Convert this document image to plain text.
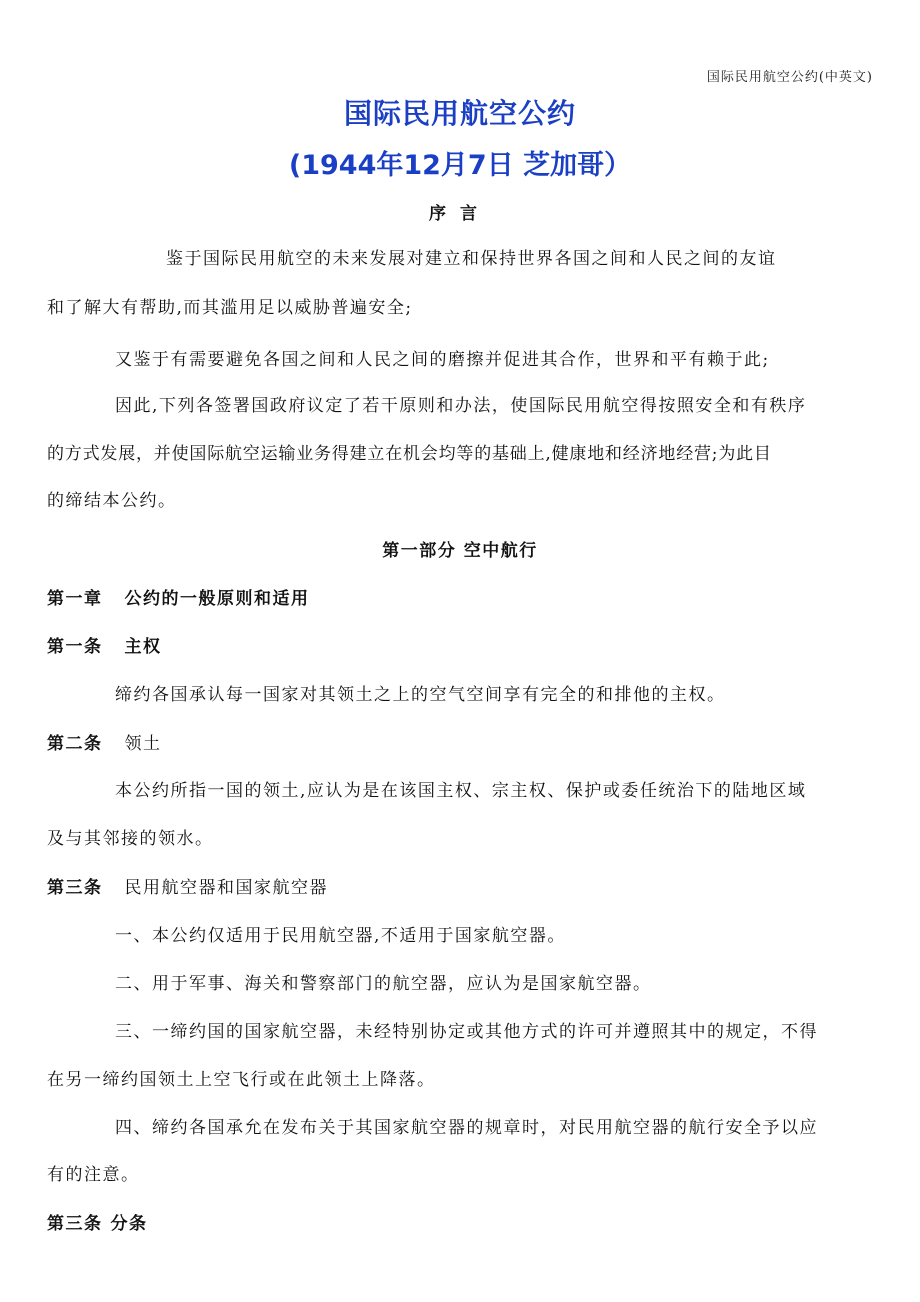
国际民用航空公约(中英文)
国际民用航空公约
(1944年12月7日 芝加哥）
序言
鉴于国际民用航空的未来发展对建立和保持世界各国之间和人民之间的友谊
和了解大有帮助,而其滥用足以威胁普遍安全;
又鉴于有需要避免各国之间和人民之间的磨擦并促进其合作，世界和平有赖于此;
因此,下列各签署国政府议定了若干原则和办法，使国际民用航空得按照安全和有秩序
的方式发展，并使国际航空运输业务得建立在机会均等的基础上,健康地和经济地经营;为此目
的缔结本公约。
第一部分 空中航行
第一章 公约的一般原则和适用
第一条 主权
缔约各国承认每一国家对其领土之上的空气空间享有完全的和排他的主权。
第二条 领土
本公约所指一国的领土,应认为是在该国主权、宗主权、保护或委任统治下的陆地区域
及与其邻接的领水。
第三条 民用航空器和国家航空器
一、本公约仅适用于民用航空器,不适用于国家航空器。
二、用于军事、海关和警察部门的航空器，应认为是国家航空器。
三、一缔约国的国家航空器，未经特别协定或其他方式的许可并遵照其中的规定，不得
在另一缔约国领土上空飞行或在此领土上降落。
四、缔约各国承允在发布关于其国家航空器的规章时，对民用航空器的航行安全予以应
有的注意。
第三条 分条
